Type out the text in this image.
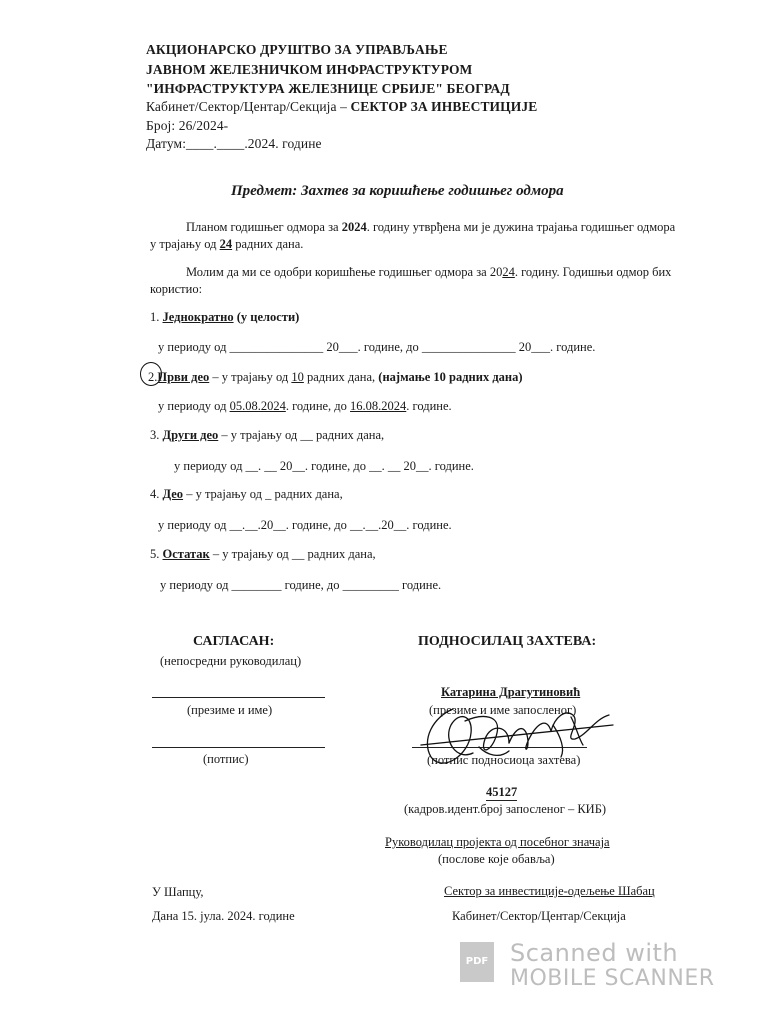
АКЦИОНАРСКО ДРУШТВО ЗА УПРАВЉАЊЕ
ЈАВНОМ ЖЕЛЕЗНИЧКОМ ИНФРАСТРУКТУРОМ
"ИНФРАСТРУКТУРА ЖЕЛЕЗНИЦЕ СРБИЈЕ" БЕОГРАД
Кабинет/Сектор/Центар/Секција – СЕКТОР ЗА ИНВЕСТИЦИЈЕ
Број: 26/2024-
Датум:____.____.2024. године
Предмет: Захтев за коришћење годишњег одмора
Планом годишњег одмора за 2024. годину утврђена ми је дужина трајања годишњег одмора
у трајању од 24 радних дана.
Молим да ми се одобри коришћење годишњег одмора за 2024. годину. Годишњи одмор бих
користио:
1. Једнократно (у целости)
у периоду од _______________ 20___. године, до _______________ 20___. године.
2.Први део – у трајању од 10 радних дана, (најмање 10 радних дана)
у периоду од 05.08.2024. године, до 16.08.2024. године.
3. Други део – у трајању од __ радних дана,
у периоду од __. __ 20__. године, до __. __ 20__. године.
4. Део – у трајању од _ радних дана,
у периоду од __.__.20__. године, до __.__.20__. године.
5. Остатак – у трајању од __ радних дана,
у периоду од ________ године, до _________ године.
САГЛАСАН:
(непосредни руководилац)
(презиме и име)
(потпис)
ПОДНОСИЛАЦ ЗАХТЕВА:
Катарина Драгутиновић
(презиме и име запосленог)
(потпис подносиоца захтева)
45127
(кадров.идент.број запосленог – КИБ)
Руководилац пројекта од посебног значаја
(послове које обавља)
У Шапцу,
Дана 15. јула. 2024. године
Сектор за инвестиције-одељење Шабац
Кабинет/Сектор/Центар/Секција
PDF Scanned with
MOBILE SCANNER
